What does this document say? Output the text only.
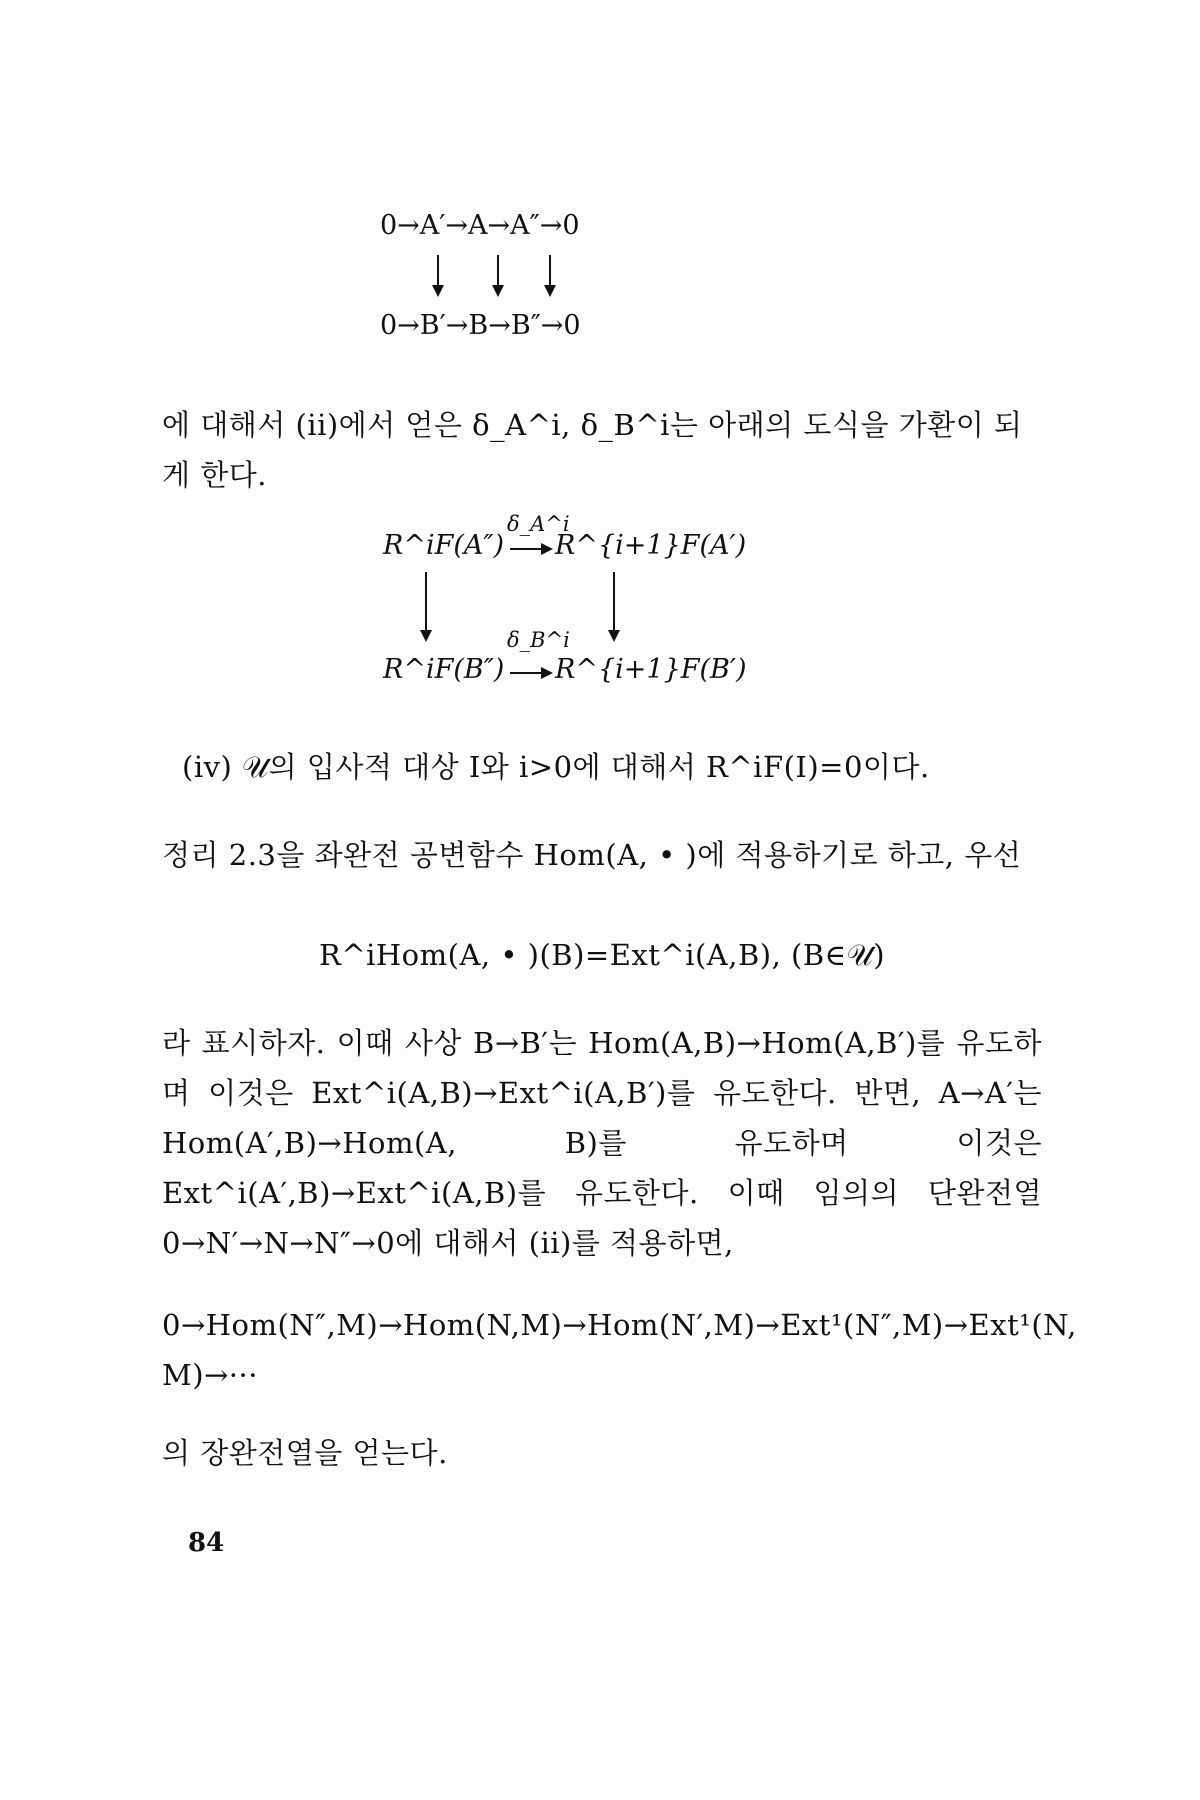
0→A′→A→A″→0
0→B′→B→B″→0
에 대해서 (ii)에서 얻은 δ_A^i, δ_B^i는 아래의 도식을 가환이 되게 한다.
δ_A^i
R^iF(A″) R^{i+1}F(A′)
δ_B^i
R^iF(B″) R^{i+1}F(B′)
(iv) 𝒰의 입사적 대상 I와 i>0에 대해서 R^iF(I)=0이다.
정리 2.3을 좌완전 공변함수 Hom(A, • )에 적용하기로 하고, 우선
R^iHom(A, • )(B)=Ext^i(A,B), (B∈𝒰)
라 표시하자. 이때 사상 B→B′는 Hom(A,B)→Hom(A,B′)를 유도하며 이것은 Ext^i(A,B)→Ext^i(A,B′)를 유도한다. 반면, A→A′는 Hom(A′,B)→Hom(A, B)를 유도하며 이것은 Ext^i(A′,B)→Ext^i(A,B)를 유도한다. 이때 임의의 단완전열 0→N′→N→N″→0에 대해서 (ii)를 적용하면,
0→Hom(N″,M)→Hom(N,M)→Hom(N′,M)→Ext¹(N″,M)→Ext¹(N, M)→···
의 장완전열을 얻는다.
84
